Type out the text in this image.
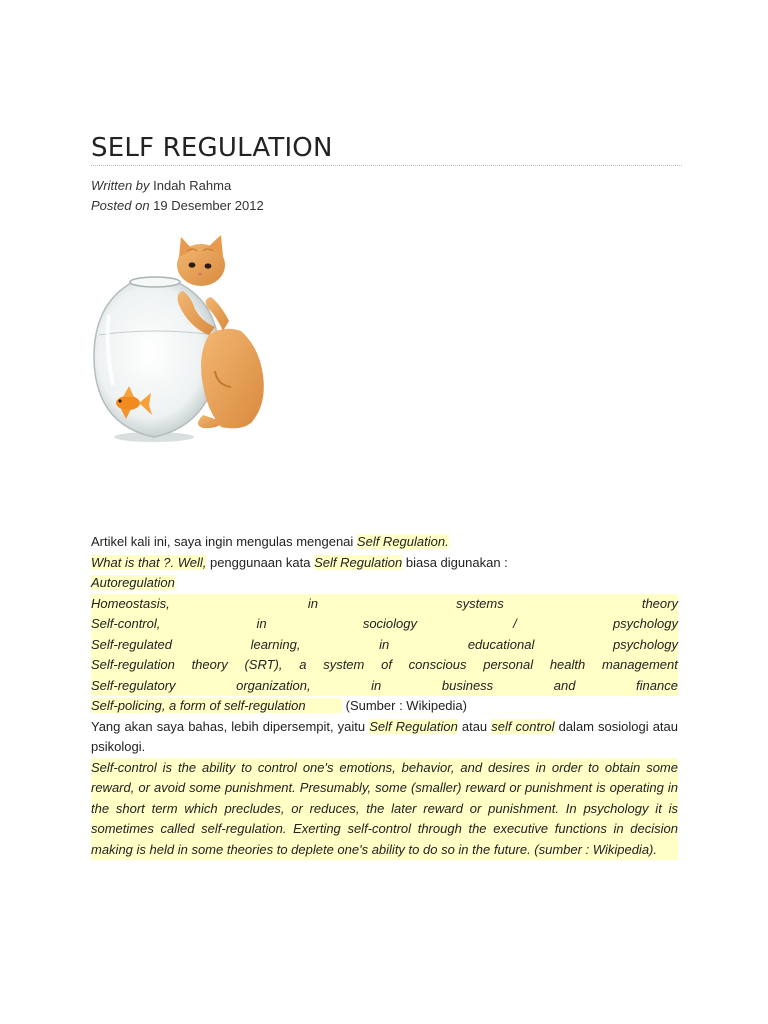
SELF REGULATION
Written by Indah Rahma
Posted on 19 Desember 2012
Artikel kali ini, saya ingin mengulas mengenai Self Regulation.
What is that ?. Well, penggunaan kata Self Regulation biasa digunakan :
Autoregulation
Homeostasis,	in	systems	theory
Self-control,	in	sociology	/	psychology
Self-regulated	learning,	in	educational	psychology
Self-regulation theory (SRT), a system of conscious personal health management
Self-regulatory	organization,	in	business	and	finance
Self-policing, a form of self-regulation	(Sumber : Wikipedia)
Yang akan saya bahas, lebih dipersempit, yaitu Self Regulation atau self control dalam sosiologi atau psikologi.
Self-control is the ability to control one's emotions, behavior, and desires in order to obtain some reward, or avoid some punishment. Presumably, some (smaller) reward or punishment is operating in the short term which precludes, or reduces, the later reward or punishment. In psychology it is sometimes called self-regulation. Exerting self-control through the executive functions in decision making is held in some theories to deplete one's ability to do so in the future. (sumber : Wikipedia).
